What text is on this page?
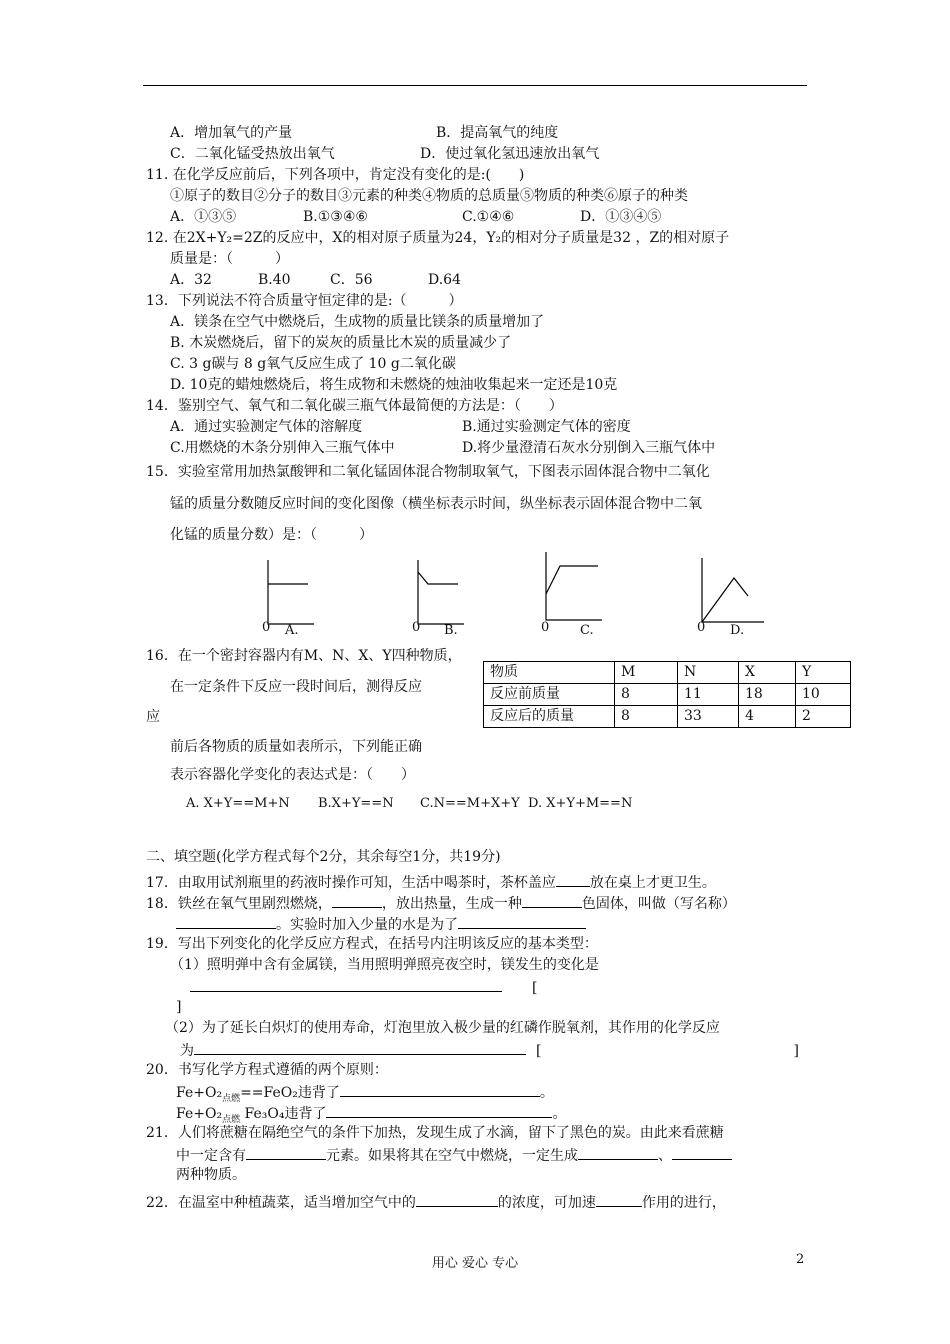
A．增加氧气的产量	B．提高氧气的纯度
C．二氧化锰受热放出氧气	D．使过氧化氢迅速放出氧气
11. 在化学反应前后，下列各项中，肯定没有变化的是:(　　)
①原子的数目②分子的数目③元素的种类④物质的总质量⑤物质的种类⑥原子的种类
A．①③⑤	B.①③④⑥	C.①④⑥	D．①③④⑤
12. 在2X+Y₂=2Z的反应中，X的相对原子质量为24，Y₂的相对分子质量是32 ，Z的相对原子
质量是：（　　　）
A．32	B.40	C．56	D.64
13．下列说法不符合质量守恒定律的是:（　　　）
A．镁条在空气中燃烧后，生成物的质量比镁条的质量增加了
B. 木炭燃烧后，留下的炭灰的质量比木炭的质量减少了
C. 3 g碳与 8 g氧气反应生成了 10 g二氧化碳
D. 10克的蜡烛燃烧后，将生成物和未燃烧的烛油收集起来一定还是10克
14．鉴别空气、氧气和二氧化碳三瓶气体最简便的方法是：（　　）
A．通过实验测定气体的溶解度	B.通过实验测定气体的密度
C.用燃烧的木条分别伸入三瓶气体中	D.将少量澄清石灰水分别倒入三瓶气体中
15．实验室常用加热氯酸钾和二氧化锰固体混合物制取氧气，下图表示固体混合物中二氧化
锰的质量分数随反应时间的变化图像（横坐标表示时间，纵坐标表示固体混合物中二氧
化锰的质量分数）是：（　　　）
0 A.	0 B.	0 C.	0 D.
16．在一个密封容器内有M、N、X、Y四种物质，
在一定条件下反应一段时间后，测得反应
应
前后各物质的质量如表所示，下列能正确
表示容器化学变化的表达式是：（　　）
A. X+Y==M+N B.X+Y==N C.N==M+X+Y D. X+Y+M==N
物质	M	N	X	Y
反应前质量	8	11	18	10
反应后的质量	8	33	4	2
二、填空题(化学方程式每个2分，其余每空1分，共19分)
17．由取用试剂瓶里的药液时操作可知，生活中喝茶时，茶杯盖应 放在桌上才更卫生。
18．铁丝在氧气里剧烈燃烧，	，放出热量，生成一种	色固体，叫做（写名称）
。实验时加入少量的水是为了
19．写出下列变化的化学反应方程式，在括号内注明该反应的基本类型：
（1）照明弹中含有金属镁，当用照明弹照亮夜空时，镁发生的变化是
[
]
（2）为了延长白炽灯的使用寿命，灯泡里放入极少量的红磷作脱氧剂，其作用的化学反应
为	[	]
20．书写化学方程式遵循的两个原则：
$Fe+O_2_{点燃}==FeO_2$违背了	。
$Fe+O_2_{点燃}$ Fe₃O₄违背了	。
21．人们将蔗糖在隔绝空气的条件下加热，发现生成了水滴，留下了黑色的炭。由此来看蔗糖
中一定含有	元素。如果将其在空气中燃烧，一定生成	、
两种物质。
22．在温室中种植蔬菜，适当增加空气中的	的浓度，可加速	作用的进行，
用心 爱心 专心	2
